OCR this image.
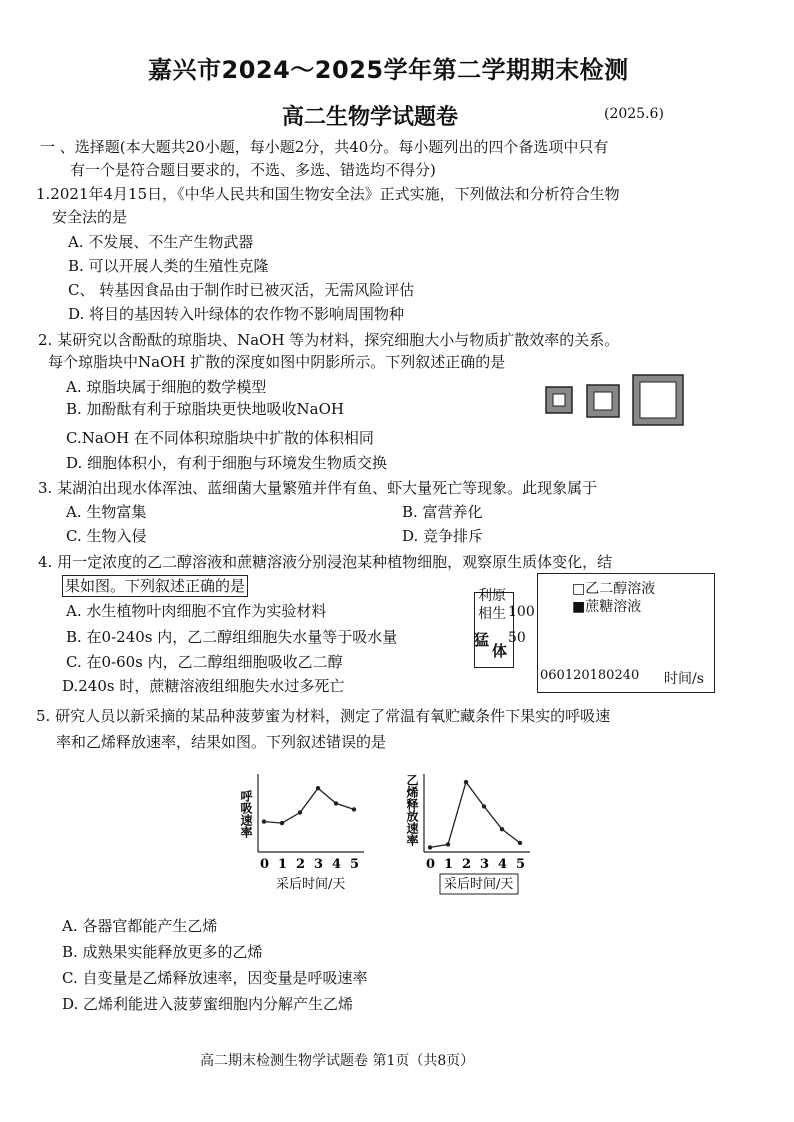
嘉兴市2024～2025学年第二学期期末检测
高二生物学试题卷	(2025.6)
一 、选择题(本大题共20小题，每小题2分，共40分。每小题列出的四个备选项中只有
有一个是符合题目要求的，不选、多选、错选均不得分)
1.2021年4月15日，《中华人民共和国生物安全法》正式实施，下列做法和分析符合生物
安全法的是
A. 不发展、不生产生物武器
B. 可以开展人类的生殖性克隆
C、 转基因食品由于制作时已被灭活，无需风险评估
D. 将目的基因转入叶绿体的农作物不影响周围物种
2. 某研究以含酚酞的琼脂块、NaOH 等为材料，探究细胞大小与物质扩散效率的关系。
每个琼脂块中NaOH 扩散的深度如图中阴影所示。下列叙述正确的是
A. 琼脂块属于细胞的数学模型
B. 加酚酞有利于琼脂块更快地吸收NaOH
C.NaOH 在不同体积琼脂块中扩散的体积相同
D. 细胞体积小，有利于细胞与环境发生物质交换
3. 某湖泊出现水体浑浊、蓝细菌大量繁殖并伴有鱼、虾大量死亡等现象。此现象属于
A. 生物富集	B. 富营养化
C. 生物入侵	D. 竞争排斥
4. 用一定浓度的乙二醇溶液和蔗糖溶液分别浸泡某种植物细胞，观察原生质体变化，结
果如图。下列叙述正确的是
A. 水生植物叶肉细胞不宜作为实验材料
B. 在0-240s 内，乙二醇组细胞失水量等于吸水量
C. 在0-60s 内，乙二醇组细胞吸收乙二醇
D.240s 时，蔗糖溶液组细胞失水过多死亡
利原
相生 100
猛 50
体
□乙二醇溶液
■蔗糖溶液
060120180240 时间/s
5. 研究人员以新采摘的某品种菠萝蜜为材料，测定了常温有氧贮藏条件下果实的呼吸速
率和乙烯释放速率，结果如图。下列叙述错误的是
呼吸速率
0 1 2 3 4 5
采后时间/天
乙烯释放速率
0 1 2 3 4 5
采后时间/天
A. 各器官都能产生乙烯
B. 成熟果实能释放更多的乙烯
C. 自变量是乙烯释放速率，因变量是呼吸速率
D. 乙烯利能进入菠萝蜜细胞内分解产生乙烯
高二期末检测生物学试题卷 第1页（共8页）
